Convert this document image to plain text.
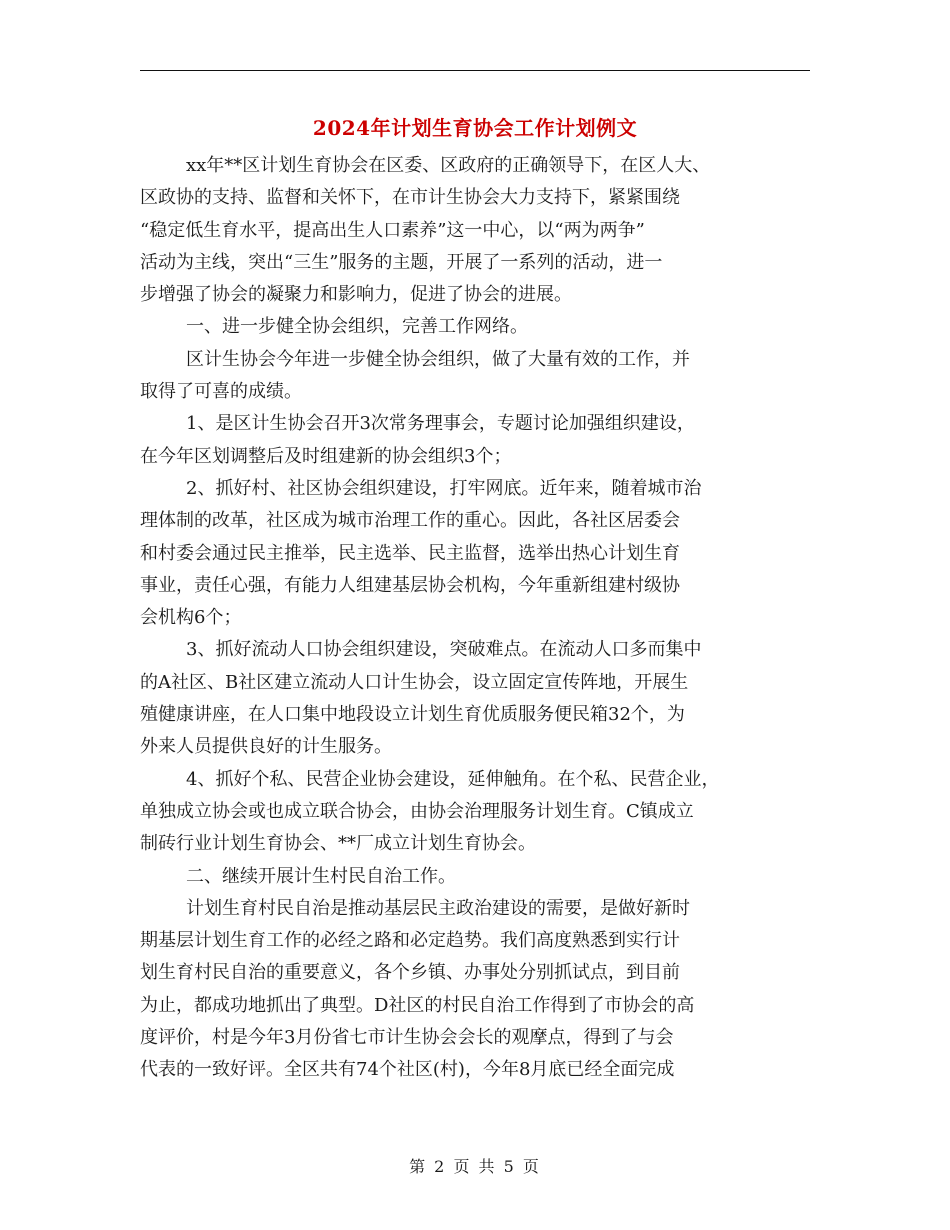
2024年计划生育协会工作计划例文
xx年**区计划生育协会在区委、区政府的正确领导下，在区人大、
区政协的支持、监督和关怀下，在市计生协会大力支持下，紧紧围绕
“稳定低生育水平，提高出生人口素养”这一中心，以“两为两争”
活动为主线，突出“三生”服务的主题，开展了一系列的活动，进一
步增强了协会的凝聚力和影响力，促进了协会的进展。
一、进一步健全协会组织，完善工作网络。
区计生协会今年进一步健全协会组织，做了大量有效的工作，并
取得了可喜的成绩。
1、是区计生协会召开3次常务理事会，专题讨论加强组织建设，
在今年区划调整后及时组建新的协会组织3个；
2、抓好村、社区协会组织建设，打牢网底。近年来，随着城市治
理体制的改革，社区成为城市治理工作的重心。因此，各社区居委会
和村委会通过民主推举，民主选举、民主监督，选举出热心计划生育
事业，责任心强，有能力人组建基层协会机构，今年重新组建村级协
会机构6个；
3、抓好流动人口协会组织建设，突破难点。在流动人口多而集中
的A社区、B社区建立流动人口计生协会，设立固定宣传阵地，开展生
殖健康讲座，在人口集中地段设立计划生育优质服务便民箱32个，为
外来人员提供良好的计生服务。
4、抓好个私、民营企业协会建设，延伸触角。在个私、民营企业，
单独成立协会或也成立联合协会，由协会治理服务计划生育。C镇成立
制砖行业计划生育协会、**厂成立计划生育协会。
二、继续开展计生村民自治工作。
计划生育村民自治是推动基层民主政治建设的需要，是做好新时
期基层计划生育工作的必经之路和必定趋势。我们高度熟悉到实行计
划生育村民自治的重要意义，各个乡镇、办事处分别抓试点，到目前
为止，都成功地抓出了典型。D社区的村民自治工作得到了市协会的高
度评价，村是今年3月份省七市计生协会会长的观摩点，得到了与会
代表的一致好评。全区共有74个社区(村)，今年8月底已经全面完成
第 2 页 共 5 页
